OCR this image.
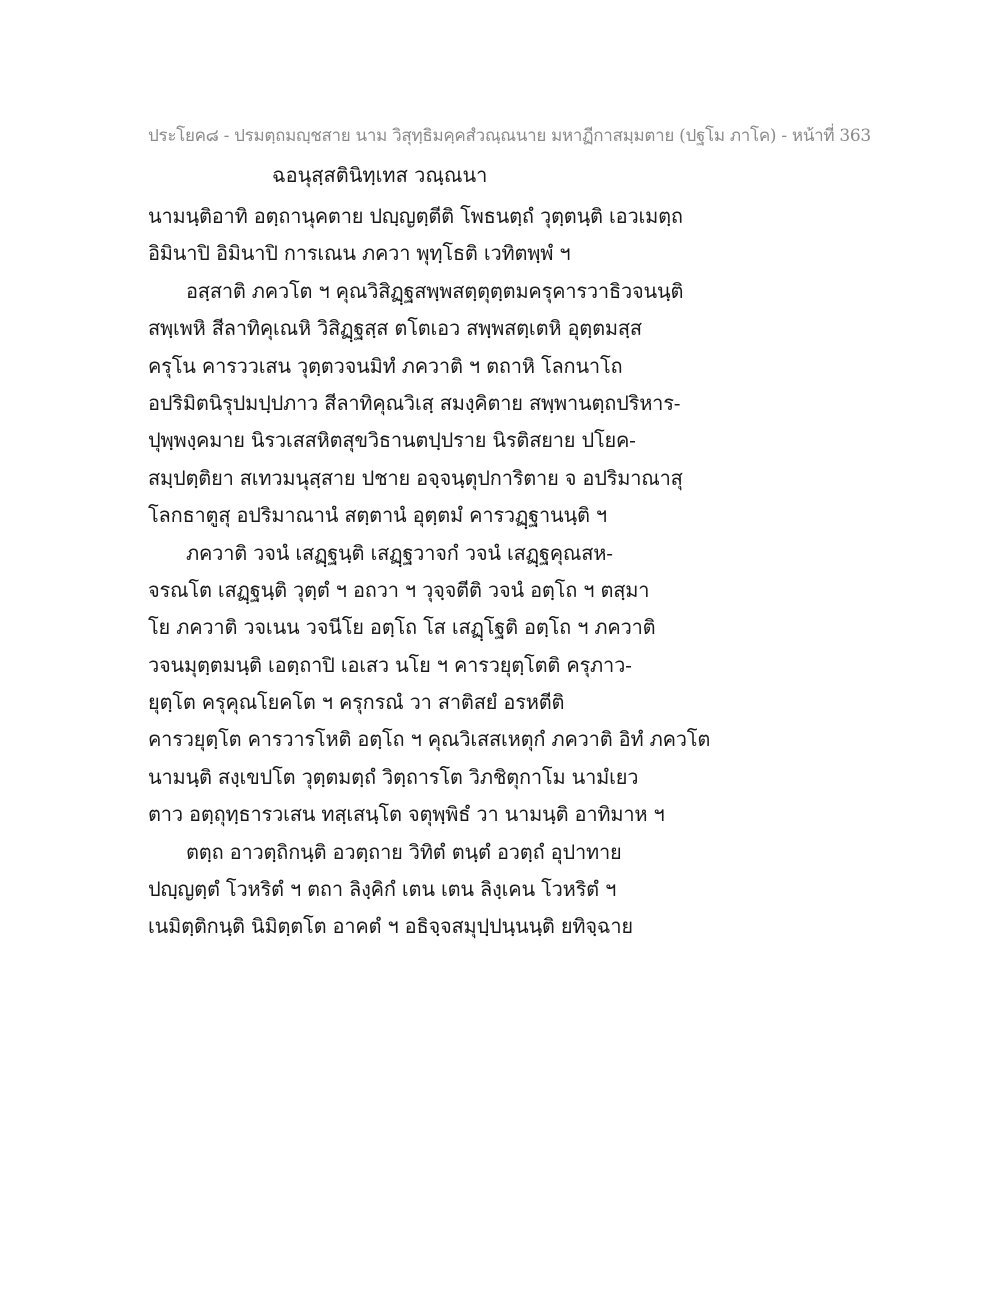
ประโยค๘ - ปรมตฺถมญฺชสาย นาม วิสุทฺธิมคฺคสํวณฺณนาย มหาฏีกาสมฺมตาย (ปฐโม ภาโค) - หน้าที่ 363
ฉอนุสฺสตินิทฺเทส วณฺณนา
นามนฺติอาทิ อตฺถานุคตาย ปญฺญตฺตีติ โพธนตฺถํ วุตฺตนฺติ เอวเมตฺถ
อิมินาปิ อิมินาปิ การเณน ภควา พุทฺโธติ เวทิตพฺพํ ฯ
อสฺสาติ ภควโต ฯ คุณวิสิฏฺฐสพฺพสตฺตุตฺตมครุคารวาธิวจนนฺติ
สพฺเพหิ สีลาทิคุเณหิ วิสิฏฺฐสฺส ตโตเอว สพฺพสตฺเตหิ อุตฺตมสฺส
ครุโน คารววเสน วุตฺตวจนมิทํ ภควาติ ฯ ตถาหิ โลกนาโถ
อปริมิตนิรุปมปฺปภาว สีลาทิคุณวิเสฺ สมงฺคิตาย สพฺพานตฺถปริหาร-
ปุพฺพงฺคมาย นิรวเสสหิตสุขวิธานตปฺปราย นิรติสยาย ปโยค-
สมฺปตฺติยา สเทวมนุสฺสาย ปชาย อจฺจนฺตุปการิตาย จ อปริมาณาสุ
โลกธาตูสุ อปริมาณานํ สตฺตานํ อุตฺตมํ คารวฏฺฐานนฺติ ฯ
ภควาติ วจนํ เสฏฺฐนฺติ เสฏฺฐวาจกํ วจนํ เสฏฺฐคุณสห-
จรณโต เสฏฺฐนฺติ วุตฺตํ ฯ อถวา ฯ วุจฺจตีติ วจนํ อตฺโถ ฯ ตสฺมา
โย ภควาติ วจเนน วจนีโย อตฺโถ โส เสฏฺโฐติ อตฺโถ ฯ ภควาติ
วจนมุตฺตมนฺติ เอตฺถาปิ เอเสว นโย ฯ คารวยุตฺโตติ ครุภาว-
ยุตฺโต ครุคุณโยคโต ฯ ครุกรณํ วา สาติสยํ อรหตีติ
คารวยุตฺโต คารวารโหติ อตฺโถ ฯ คุณวิเสสเหตุกํ ภควาติ อิทํ ภควโต
นามนฺติ สงฺเขปโต วุตฺตมตฺถํ วิตฺถารโต วิภชิตุกาโม นามํเยว
ตาว อตฺถุทฺธารวเสน ทสฺเสนฺโต จตุพฺพิธํ วา นามนฺติ อาทิมาห ฯ
ตตฺถ อาวตฺถิกนฺติ อวตฺถาย วิทิตํ ตนฺตํ อวตฺถํ อุปาทาย
ปญฺญตฺตํ โวหริตํ ฯ ตถา ลิงฺคิกํ เตน เตน ลิงฺเคน โวหริตํ ฯ
เนมิตฺติกนฺติ นิมิตฺตโต อาคตํ ฯ อธิจฺจสมุปฺปนฺนนฺติ ยทิจฺฉาย
